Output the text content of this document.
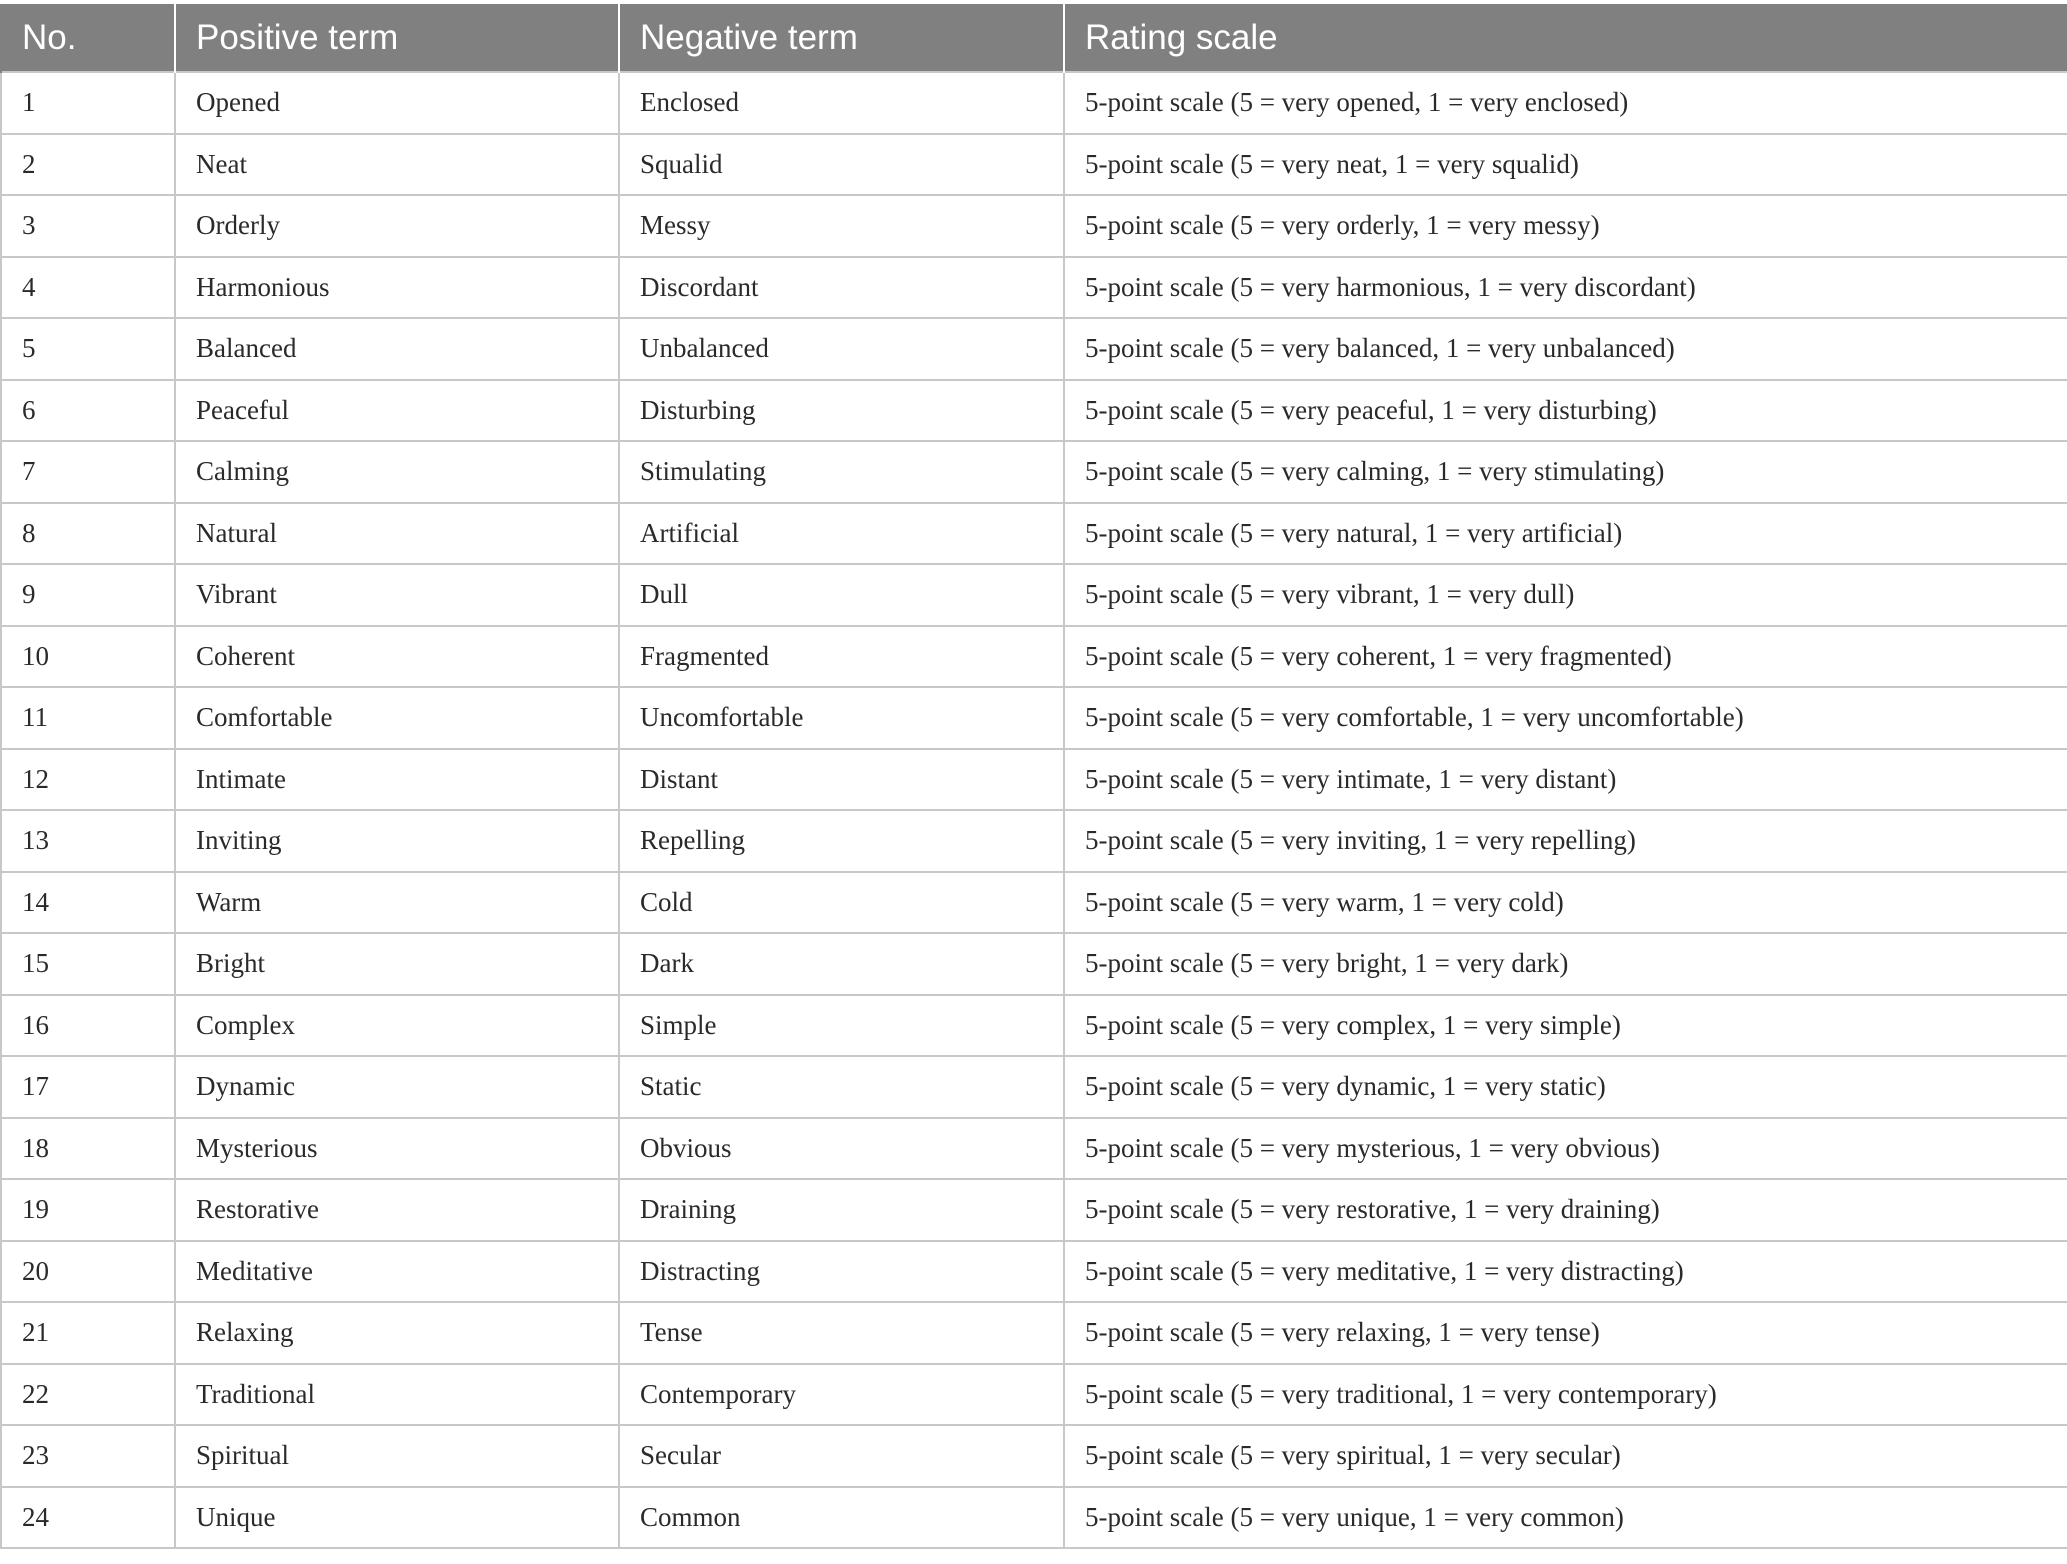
No.	Positive term	Negative term	Rating scale
1	Opened	Enclosed	5-point scale (5 = very opened, 1 = very enclosed)
2	Neat	Squalid	5-point scale (5 = very neat, 1 = very squalid)
3	Orderly	Messy	5-point scale (5 = very orderly, 1 = very messy)
4	Harmonious	Discordant	5-point scale (5 = very harmonious, 1 = very discordant)
5	Balanced	Unbalanced	5-point scale (5 = very balanced, 1 = very unbalanced)
6	Peaceful	Disturbing	5-point scale (5 = very peaceful, 1 = very disturbing)
7	Calming	Stimulating	5-point scale (5 = very calming, 1 = very stimulating)
8	Natural	Artificial	5-point scale (5 = very natural, 1 = very artificial)
9	Vibrant	Dull	5-point scale (5 = very vibrant, 1 = very dull)
10	Coherent	Fragmented	5-point scale (5 = very coherent, 1 = very fragmented)
11	Comfortable	Uncomfortable	5-point scale (5 = very comfortable, 1 = very uncomfortable)
12	Intimate	Distant	5-point scale (5 = very intimate, 1 = very distant)
13	Inviting	Repelling	5-point scale (5 = very inviting, 1 = very repelling)
14	Warm	Cold	5-point scale (5 = very warm, 1 = very cold)
15	Bright	Dark	5-point scale (5 = very bright, 1 = very dark)
16	Complex	Simple	5-point scale (5 = very complex, 1 = very simple)
17	Dynamic	Static	5-point scale (5 = very dynamic, 1 = very static)
18	Mysterious	Obvious	5-point scale (5 = very mysterious, 1 = very obvious)
19	Restorative	Draining	5-point scale (5 = very restorative, 1 = very draining)
20	Meditative	Distracting	5-point scale (5 = very meditative, 1 = very distracting)
21	Relaxing	Tense	5-point scale (5 = very relaxing, 1 = very tense)
22	Traditional	Contemporary	5-point scale (5 = very traditional, 1 = very contemporary)
23	Spiritual	Secular	5-point scale (5 = very spiritual, 1 = very secular)
24	Unique	Common	5-point scale (5 = very unique, 1 = very common)
